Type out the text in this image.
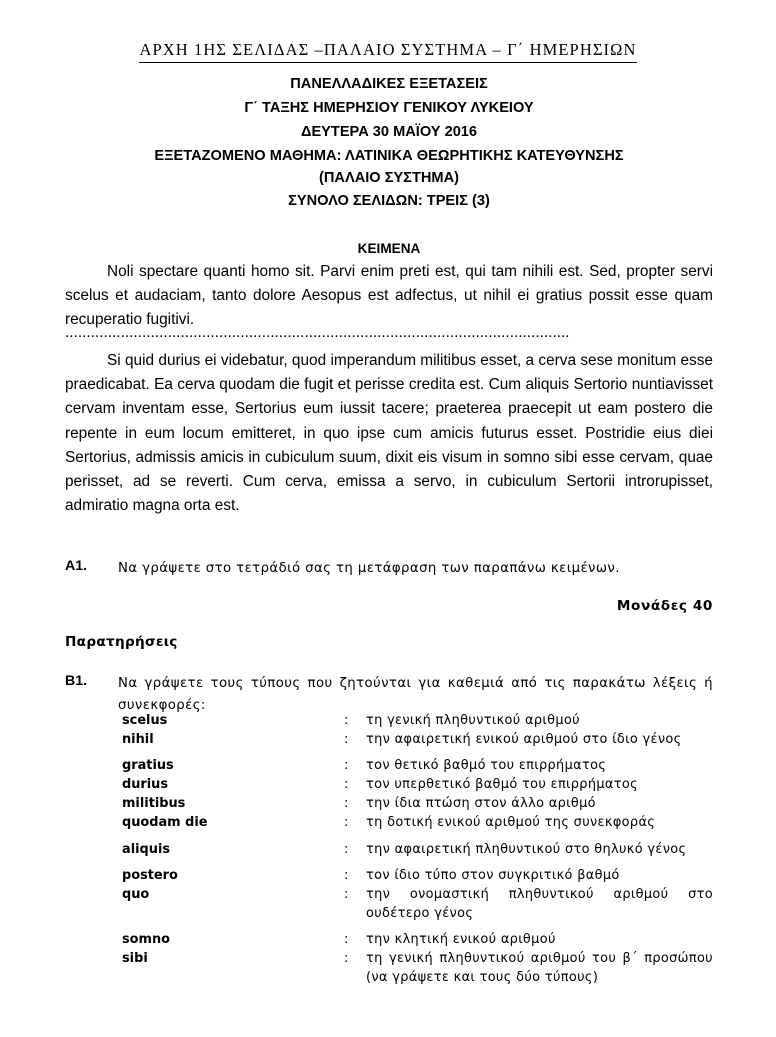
ΑΡΧΗ 1ΗΣ ΣΕΛΙΔΑΣ –ΠΑΛΑΙΟ ΣΥΣΤΗΜΑ – Γ΄ ΗΜΕΡΗΣΙΩΝ
ΠΑΝΕΛΛΑΔΙΚΕΣ ΕΞΕΤΑΣΕΙΣ
Γ΄ ΤΑΞΗΣ ΗΜΕΡΗΣΙΟΥ ΓΕΝΙΚΟΥ ΛΥΚΕΙΟΥ
ΔΕΥΤΕΡΑ 30 ΜΑΪΟΥ 2016
ΕΞΕΤΑΖΟΜΕΝΟ ΜΑΘΗΜΑ: ΛΑΤΙΝΙΚΑ ΘΕΩΡΗΤΙΚΗΣ ΚΑΤΕΥΘΥΝΣΗΣ
(ΠΑΛΑΙΟ ΣΥΣΤΗΜΑ)
ΣΥΝΟΛΟ ΣΕΛΙΔΩΝ: ΤΡΕΙΣ (3)
ΚΕΙΜΕΝΑ
Noli spectare quanti homo sit. Parvi enim preti est, qui tam nihili est. Sed, propter servi scelus et audaciam, tanto dolore Aesopus est adfectus, ut nihil ei gratius possit esse quam recuperatio fugitivi.
......................................................................................................................
Si quid durius ei videbatur, quod imperandum militibus esset, a cerva sese monitum esse praedicabat. Ea cerva quodam die fugit et perisse credita est. Cum aliquis Sertorio nuntiavisset cervam inventam esse, Sertorius eum iussit tacere; praeterea praecepit ut eam postero die repente in eum locum emitteret, in quo ipse cum amicis futurus esset. Postridie eius diei Sertorius, admissis amicis in cubiculum suum, dixit eis visum in somno sibi esse cervam, quae perisset, ad se reverti. Cum cerva, emissa a servo, in cubiculum Sertorii introrupisset, admiratio magna orta est.
Α1. Να γράψετε στο τετράδιό σας τη μετάφραση των παραπάνω κειμένων.
Μονάδες 40
Παρατηρήσεις
Β1. Να γράψετε τους τύπους που ζητούνται για καθεμιά από τις παρακάτω λέξεις ή συνεκφορές:
scelus	:	τη γενική πληθυντικού αριθμού
nihil	:	την αφαιρετική ενικού αριθμού στο ίδιο γένος
gratius	:	τον θετικό βαθμό του επιρρήματος
durius	:	τον υπερθετικό βαθμό του επιρρήματος
militibus	:	την ίδια πτώση στον άλλο αριθμό
quodam die	:	τη δοτική ενικού αριθμού της συνεκφοράς
aliquis	:	την αφαιρετική πληθυντικού στο θηλυκό γένος
postero	:	τον ίδιο τύπο στον συγκριτικό βαθμό
quo	:	την ονομαστική πληθυντικού αριθμού στο ουδέτερο γένος
somno	:	την κλητική ενικού αριθμού
sibi	:	τη γενική πληθυντικού αριθμού του β΄ προσώπου (να γράψετε και τους δύο τύπους)
